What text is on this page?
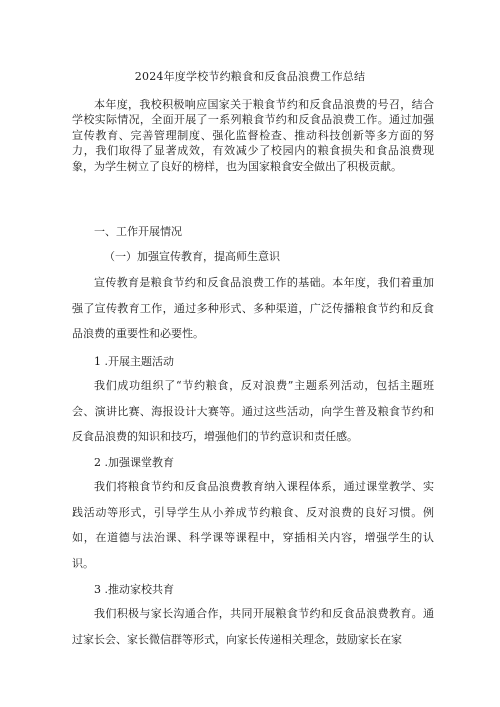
2024年度学校节约粮食和反食品浪费工作总结

本年度，我校积极响应国家关于粮食节约和反食品浪费的号召，结合学校实际情况，全面开展了一系列粮食节约和反食品浪费工作。通过加强宣传教育、完善管理制度、强化监督检查、推动科技创新等多方面的努力，我们取得了显著成效，有效减少了校园内的粮食损失和食品浪费现象，为学生树立了良好的榜样，也为国家粮食安全做出了积极贡献。

一、工作开展情况

（一）加强宣传教育，提高师生意识

宣传教育是粮食节约和反食品浪费工作的基础。本年度，我们着重加强了宣传教育工作，通过多种形式、多种渠道，广泛传播粮食节约和反食品浪费的重要性和必要性。

1 .开展主题活动

我们成功组织了“节约粮食，反对浪费”主题系列活动，包括主题班会、演讲比赛、海报设计大赛等。通过这些活动，向学生普及粮食节约和反食品浪费的知识和技巧，增强他们的节约意识和责任感。

2 .加强课堂教育

我们将粮食节约和反食品浪费教育纳入课程体系，通过课堂教学、实践活动等形式，引导学生从小养成节约粮食、反对浪费的良好习惯。例如，在道德与法治课、科学课等课程中，穿插相关内容，增强学生的认识。

3 .推动家校共育

我们积极与家长沟通合作，共同开展粮食节约和反食品浪费教育。通过家长会、家长微信群等形式，向家长传递相关理念，鼓励家长在家
